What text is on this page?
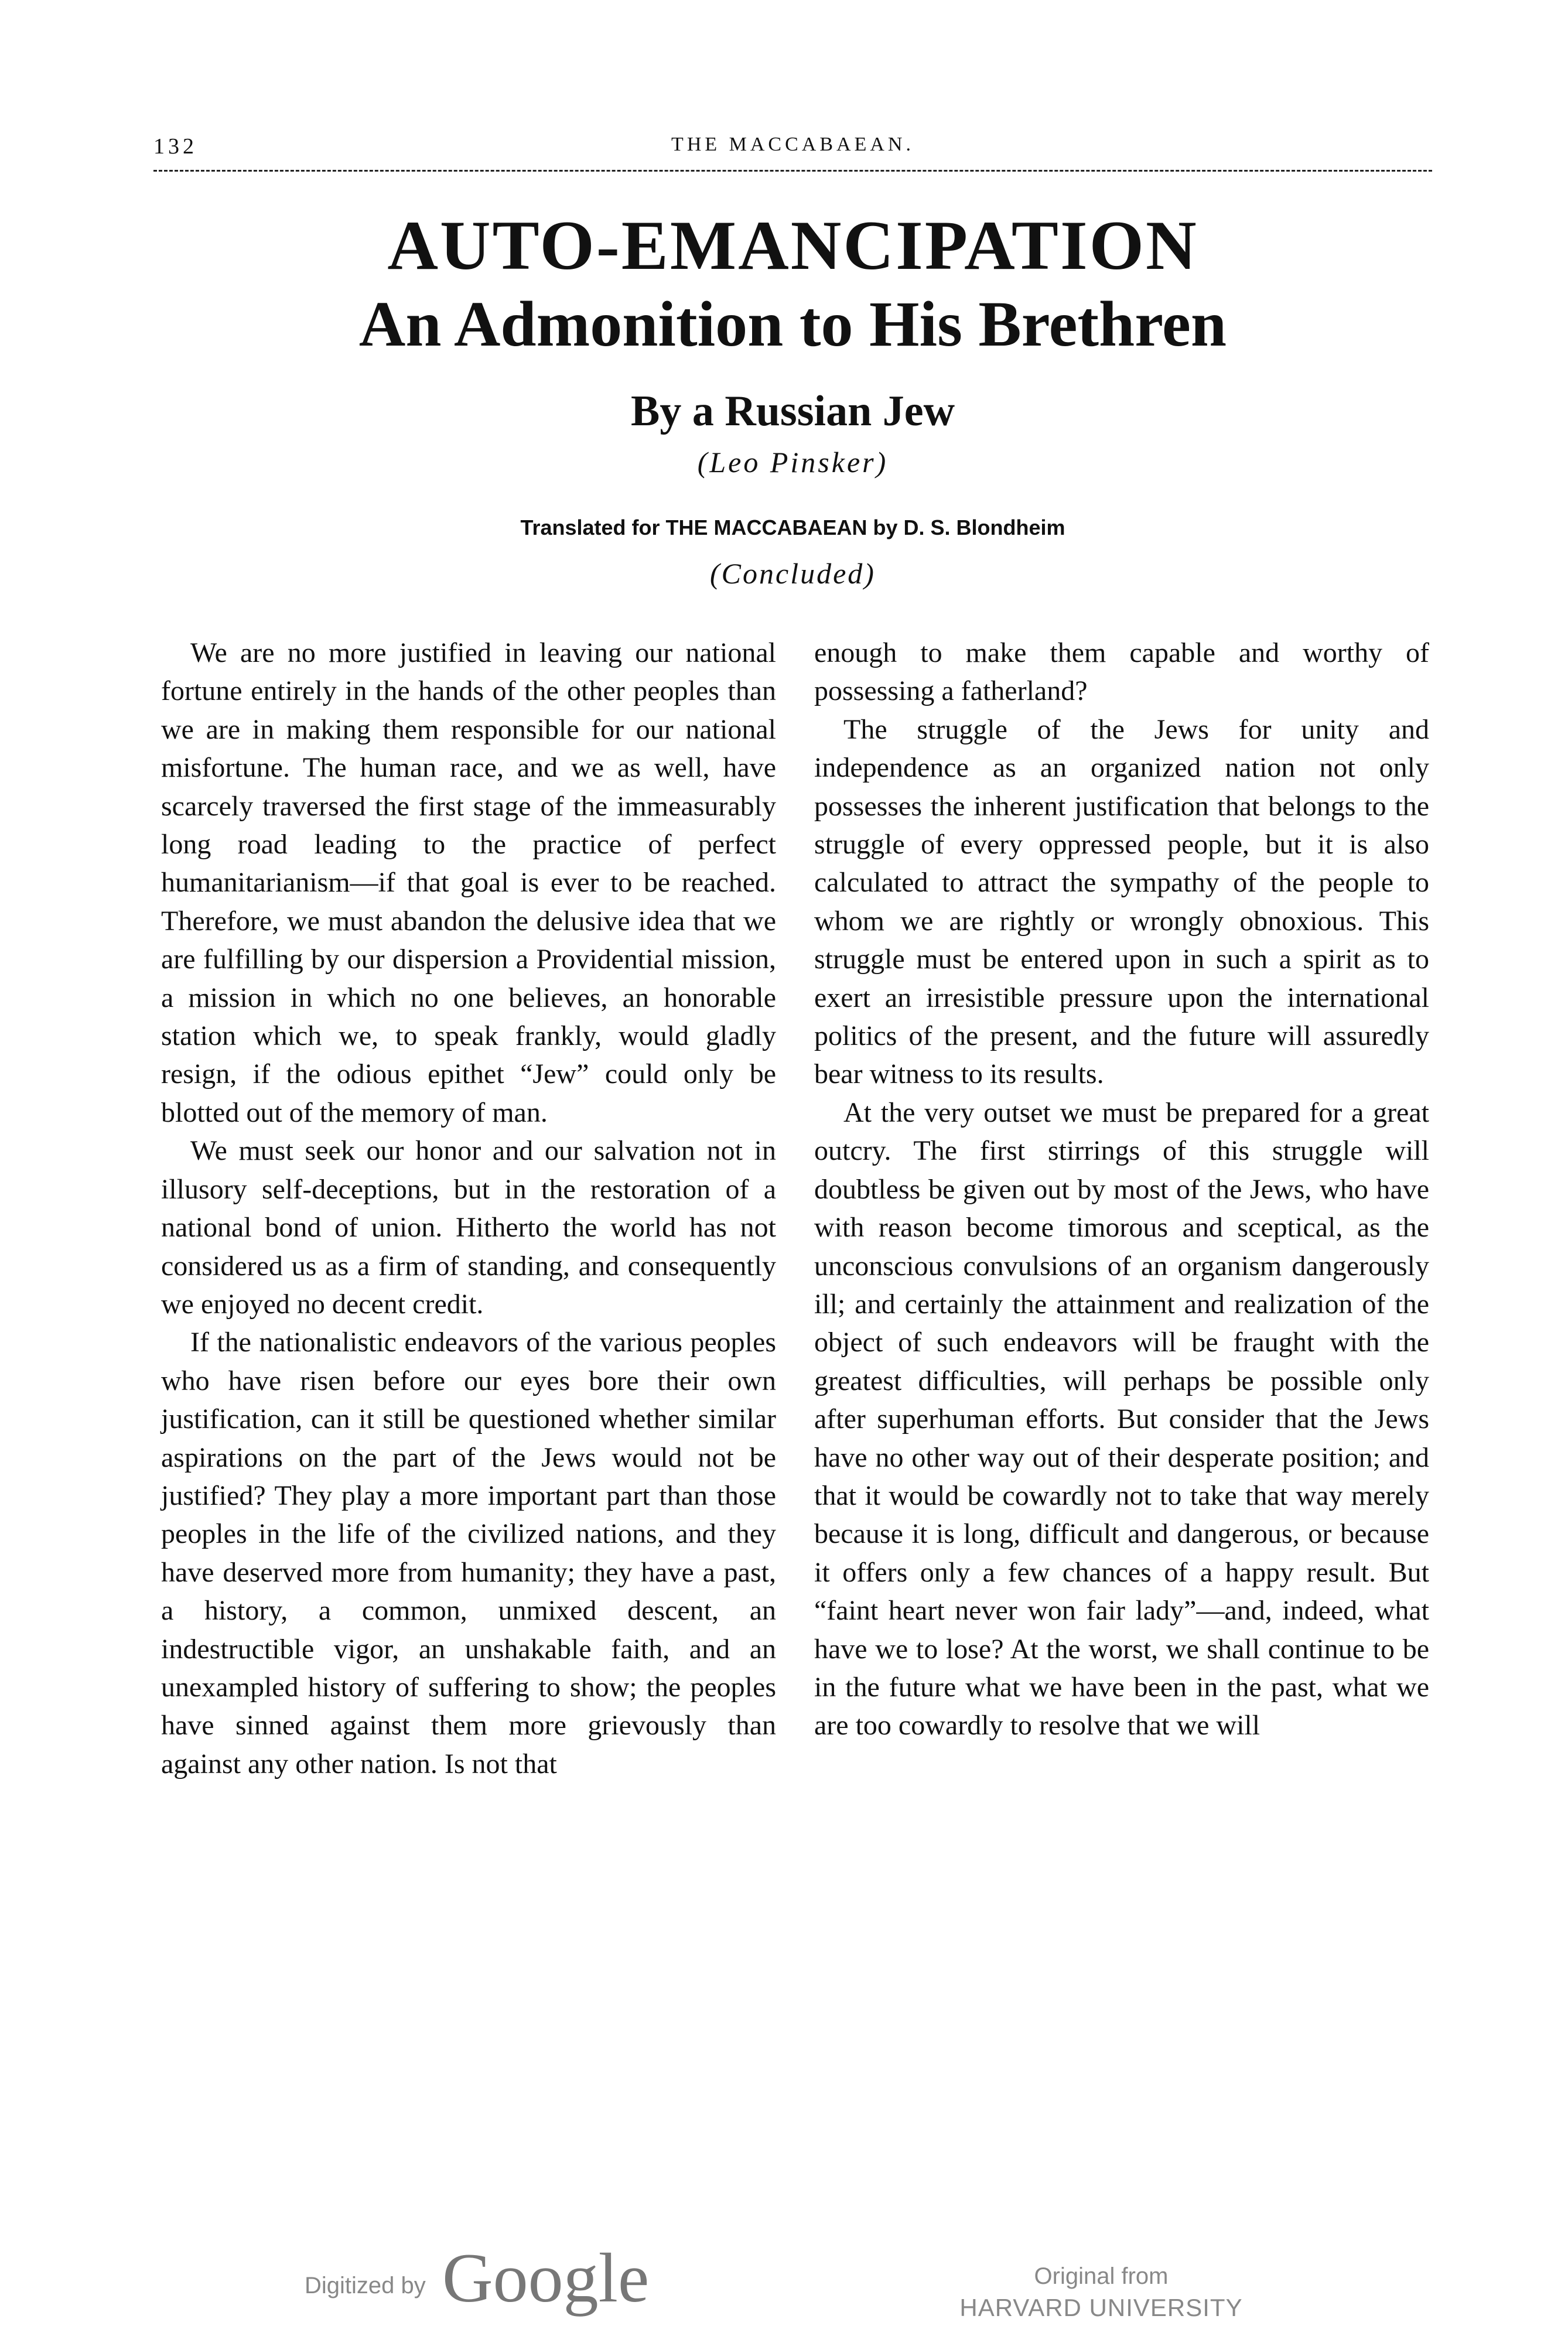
132	THE MACCABAEAN.
AUTO-EMANCIPATION
An Admonition to His Brethren
By a Russian Jew
(Leo Pinsker)
Translated for THE MACCABAEAN by D. S. Blondheim
(Concluded)

We are no more justified in leaving our national fortune entirely in the hands of the other peoples than we are in making them responsible for our national misfortune. The human race, and we as well, have scarcely traversed the first stage of the immeasurably long road leading to the practice of perfect humanitarianism—if that goal is ever to be reached. Therefore, we must abandon the delusive idea that we are fulfilling by our dispersion a Providential mission, a mission in which no one believes, an honorable station which we, to speak frankly, would gladly resign, if the odious epithet “Jew” could only be blotted out of the memory of man.

We must seek our honor and our salvation not in illusory self-deceptions, but in the restoration of a national bond of union. Hitherto the world has not considered us as a firm of standing, and consequently we enjoyed no decent credit.

If the nationalistic endeavors of the various peoples who have risen before our eyes bore their own justification, can it still be questioned whether similar aspirations on the part of the Jews would not be justified? They play a more important part than those peoples in the life of the civilized nations, and they have deserved more from humanity; they have a past, a history, a common, unmixed descent, an indestructible vigor, an unshakable faith, and an unexampled history of suffering to show; the peoples have sinned against them more grievously than against any other nation. Is not that

enough to make them capable and worthy of possessing a fatherland?

The struggle of the Jews for unity and independence as an organized nation not only possesses the inherent justification that belongs to the struggle of every oppressed people, but it is also calculated to attract the sympathy of the people to whom we are rightly or wrongly obnoxious. This struggle must be entered upon in such a spirit as to exert an irresistible pressure upon the international politics of the present, and the future will assuredly bear witness to its results.

At the very outset we must be prepared for a great outcry. The first stirrings of this struggle will doubtless be given out by most of the Jews, who have with reason become timorous and sceptical, as the unconscious convulsions of an organism dangerously ill; and certainly the attainment and realization of the object of such endeavors will be fraught with the greatest difficulties, will perhaps be possible only after superhuman efforts. But consider that the Jews have no other way out of their desperate position; and that it would be cowardly not to take that way merely because it is long, difficult and dangerous, or because it offers only a few chances of a happy result. But “faint heart never won fair lady”—and, indeed, what have we to lose? At the worst, we shall continue to be in the future what we have been in the past, what we are too cowardly to resolve that we will

Digitized by Google	Original from
HARVARD UNIVERSITY
